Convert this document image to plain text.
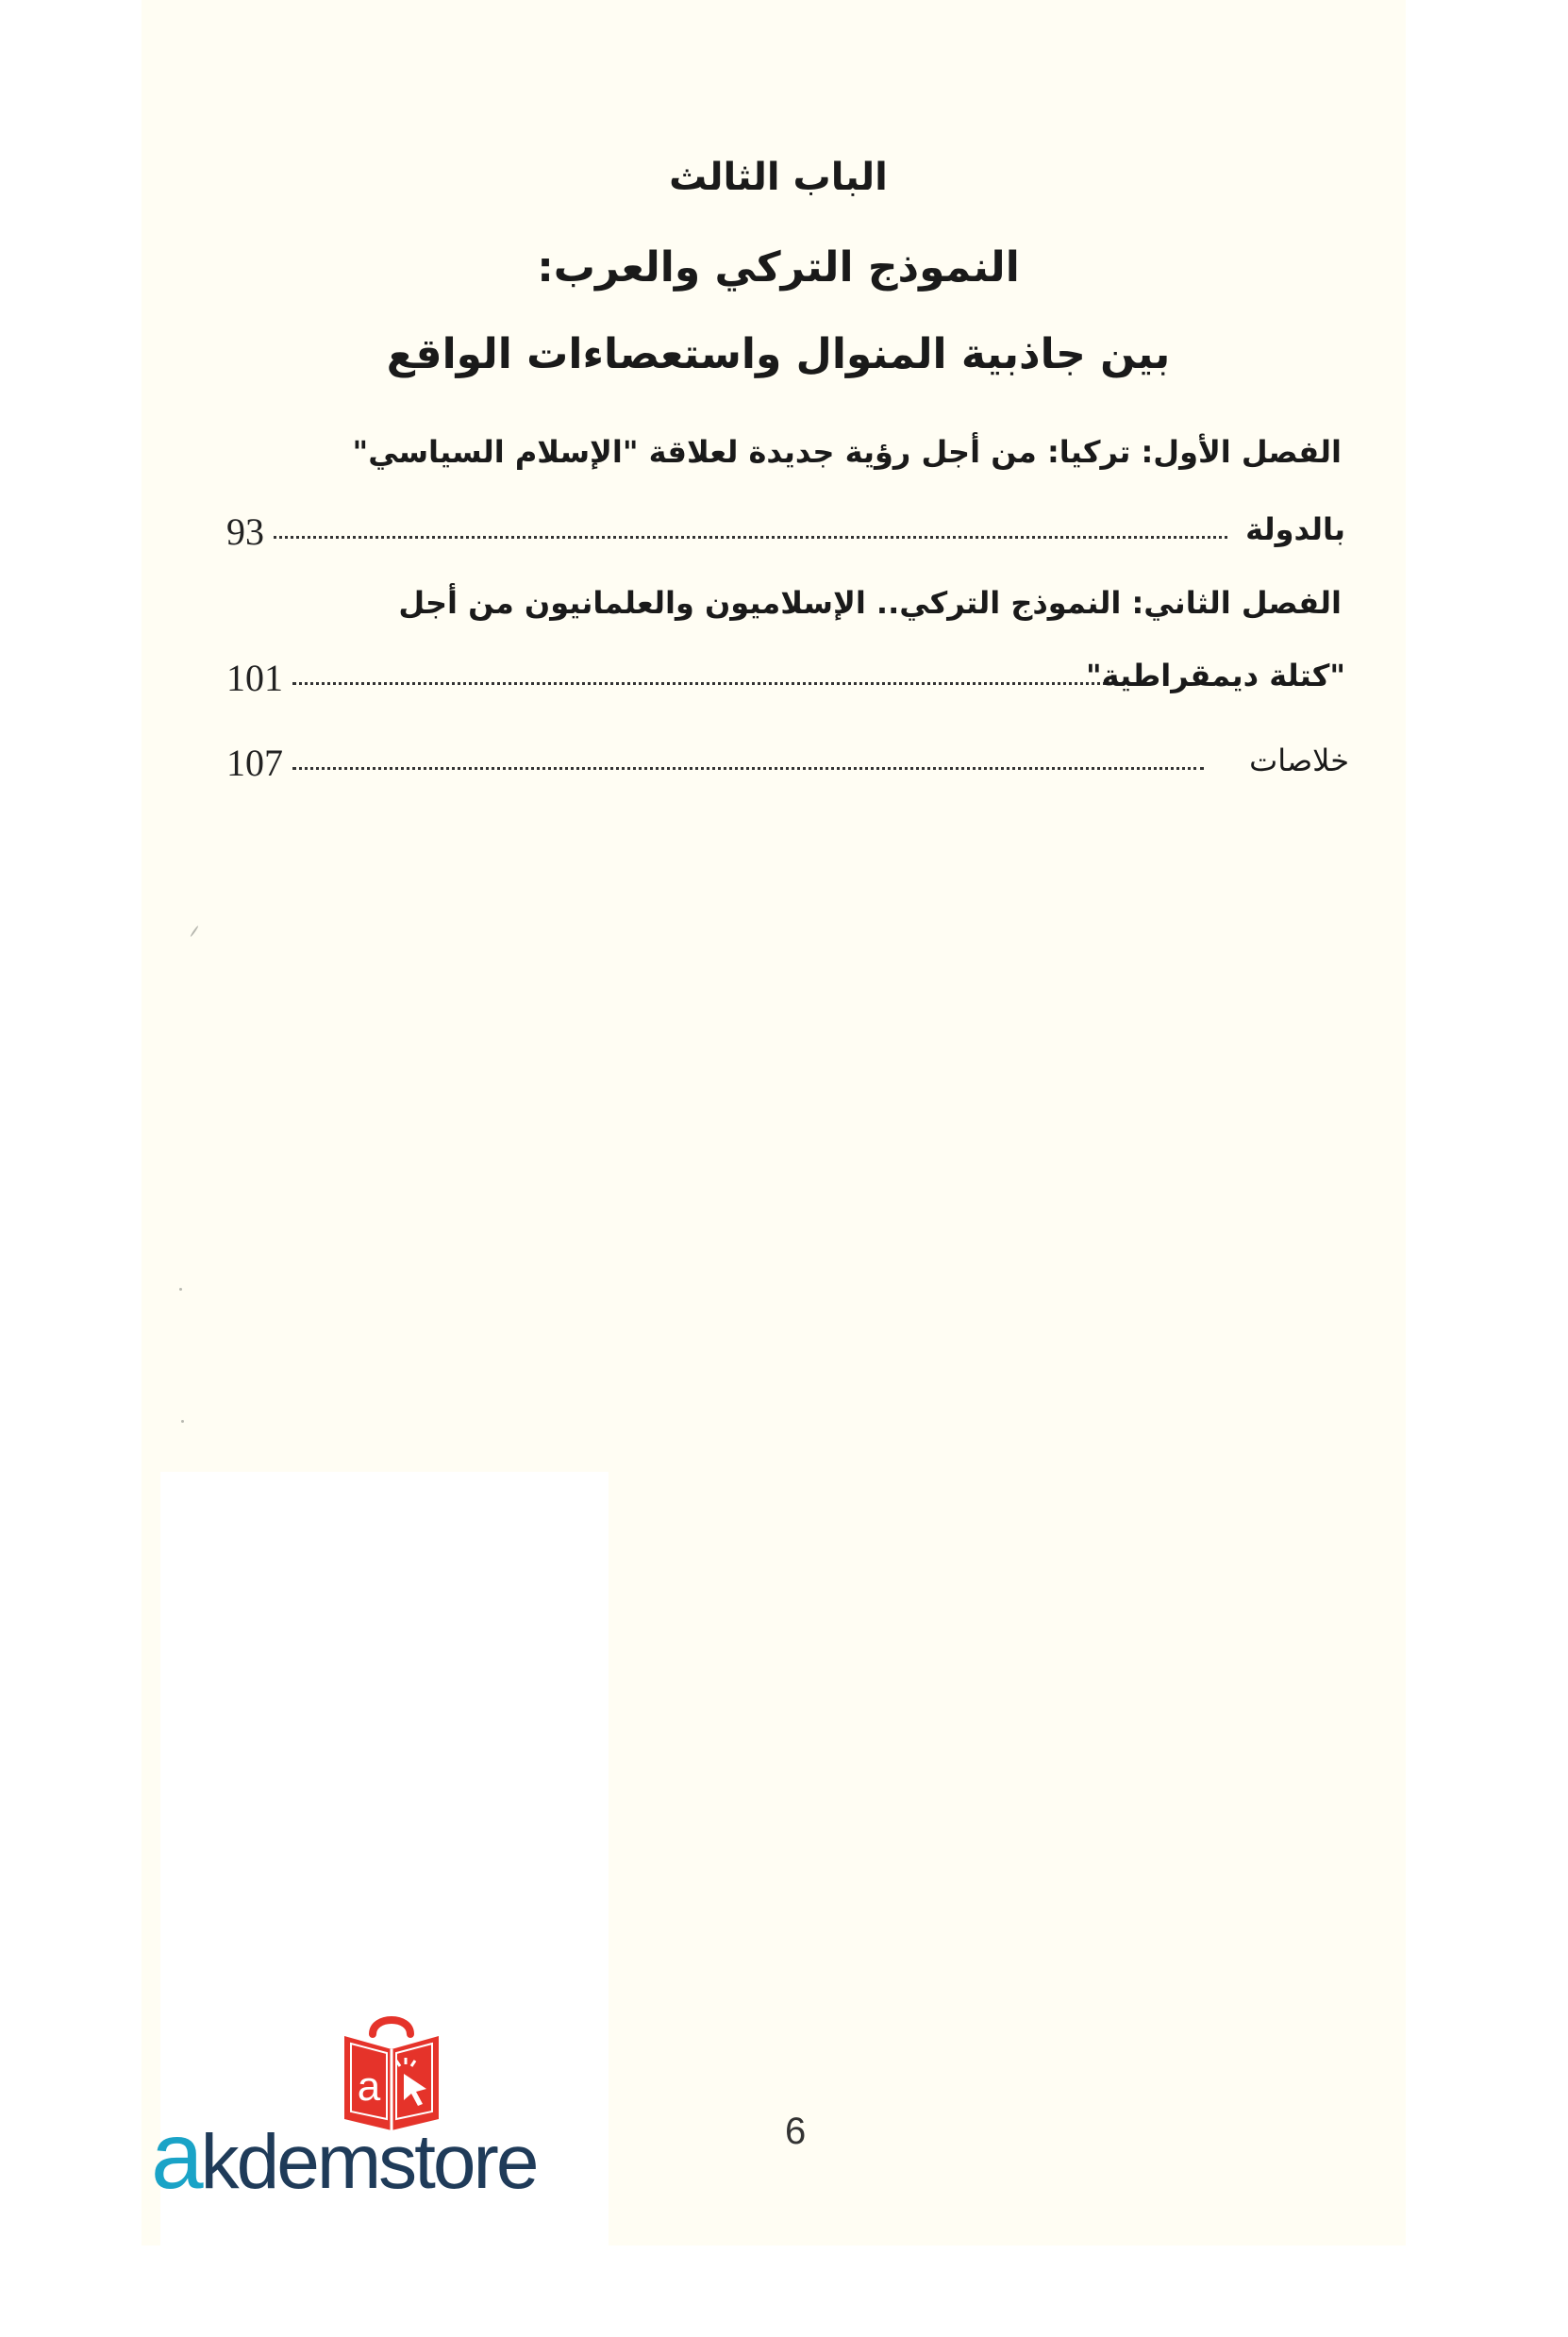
الباب الثالث
النموذج التركي والعرب:
بين جاذبية المنوال واستعصاءات الواقع
الفصل الأول: تركيا: من أجل رؤية جديدة لعلاقة "الإسلام السياسي"
93	بالدولة
الفصل الثاني: النموذج التركي.. الإسلاميون والعلمانيون من أجل
101	"كتلة ديمقراطية"
107	خلاصات
6
a
akdemstore
